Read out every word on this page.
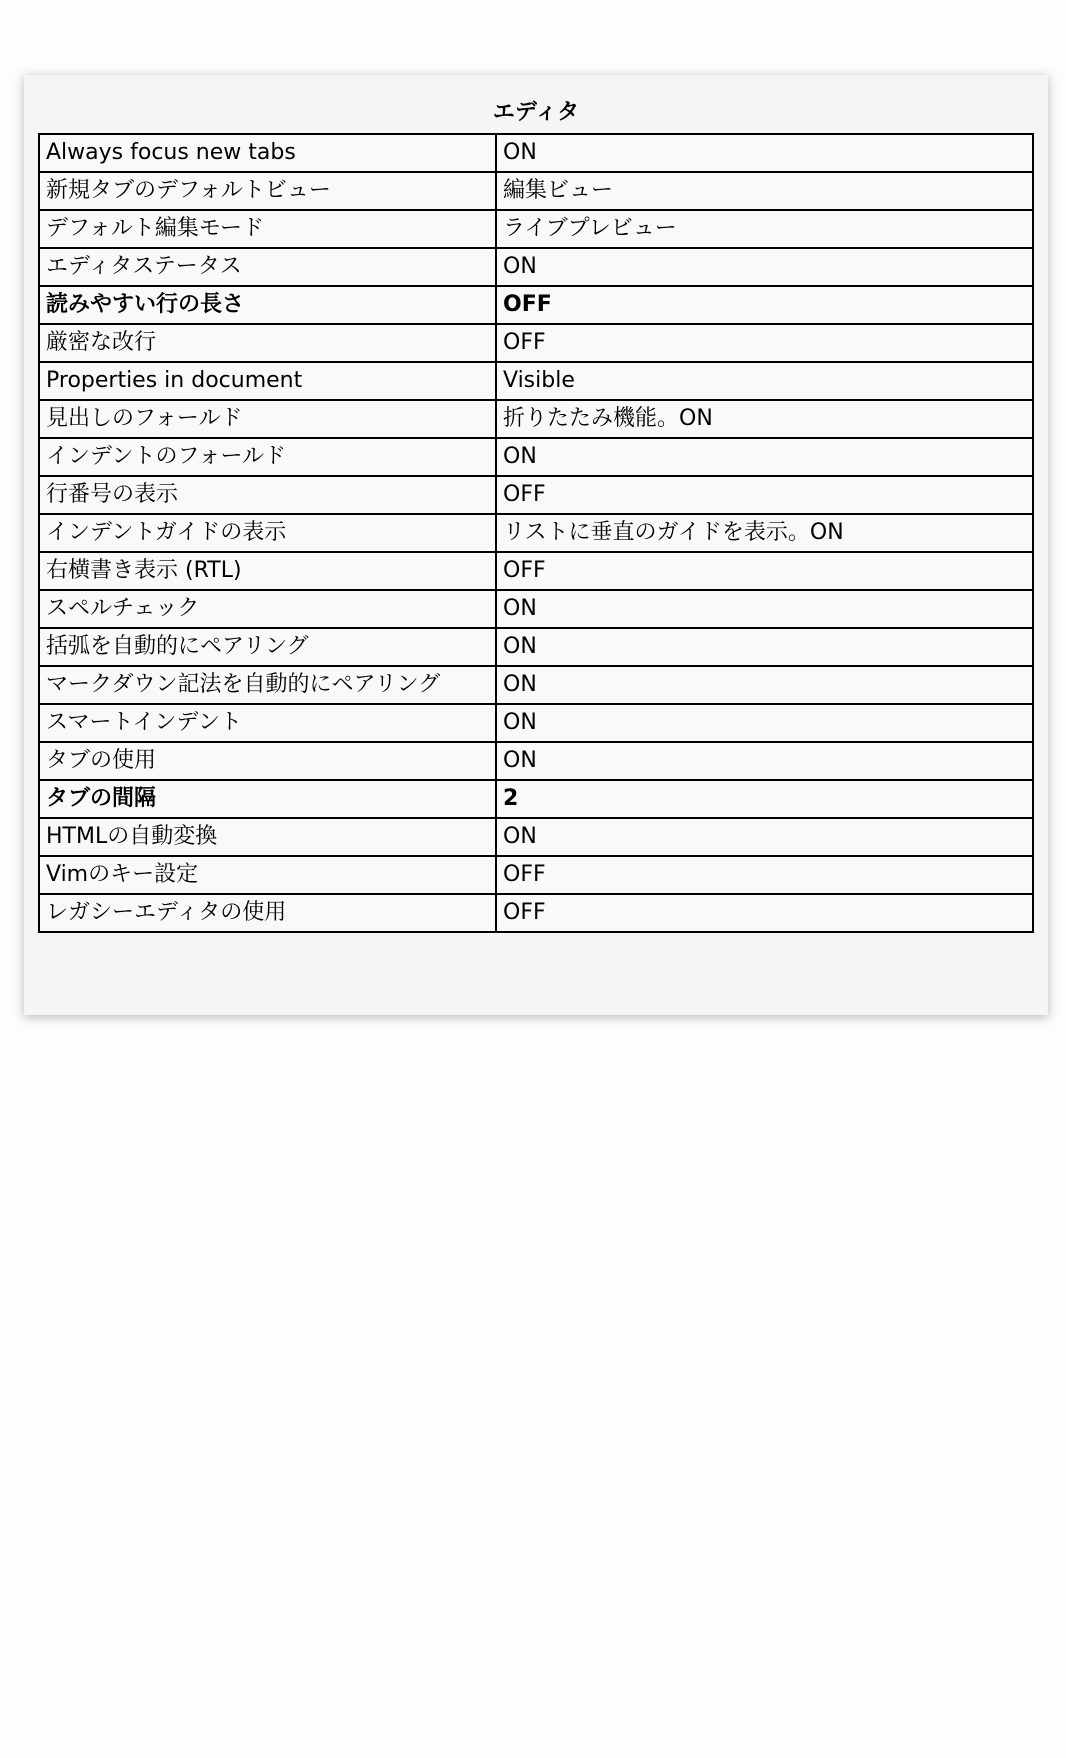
エディタ
Always focus new tabs	ON
新規タブのデフォルトビュー	編集ビュー
デフォルト編集モード	ライブプレビュー
エディタステータス	ON
読みやすい行の長さ	OFF
厳密な改行	OFF
Properties in document	Visible
見出しのフォールド	折りたたみ機能。ON
インデントのフォールド	ON
行番号の表示	OFF
インデントガイドの表示	リストに垂直のガイドを表示。ON
右横書き表示 (RTL)	OFF
スペルチェック	ON
括弧を自動的にペアリング	ON
マークダウン記法を自動的にペアリング	ON
スマートインデント	ON
タブの使用	ON
タブの間隔	2
HTMLの自動変換	ON
Vimのキー設定	OFF
レガシーエディタの使用	OFF
